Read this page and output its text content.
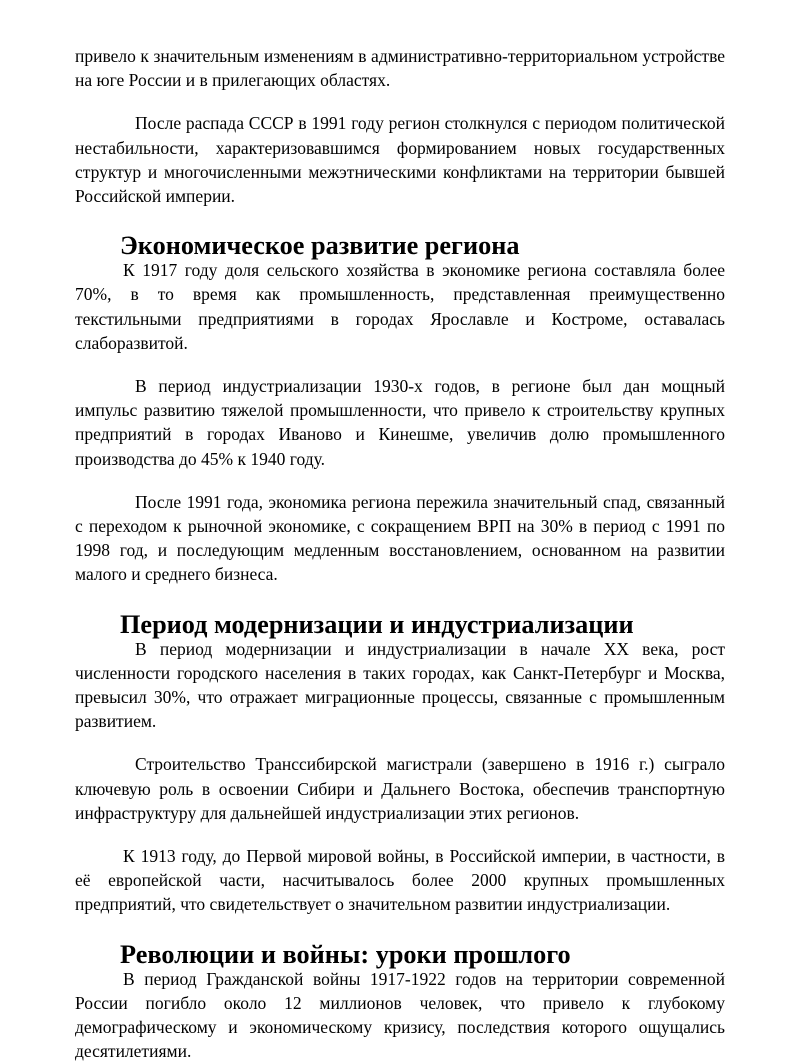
привело к значительным изменениям в административно-территориальном устройстве на юге России и в прилегающих областях.

После распада СССР в 1991 году регион столкнулся с периодом политической нестабильности, характеризовавшимся формированием новых государственных структур и многочисленными межэтническими конфликтами на территории бывшей Российской империи.

Экономическое развитие региона

К 1917 году доля сельского хозяйства в экономике региона составляла более 70%, в то время как промышленность, представленная преимущественно текстильными предприятиями в городах Ярославле и Костроме, оставалась слаборазвитой.

В период индустриализации 1930-х годов, в регионе был дан мощный импульс развитию тяжелой промышленности, что привело к строительству крупных предприятий в городах Иваново и Кинешме, увеличив долю промышленного производства до 45% к 1940 году.

После 1991 года, экономика региона пережила значительный спад, связанный с переходом к рыночной экономике, с сокращением ВРП на 30% в период с 1991 по 1998 год, и последующим медленным восстановлением, основанном на развитии малого и среднего бизнеса.

Период модернизации и индустриализации

В период модернизации и индустриализации в начале XX века, рост численности городского населения в таких городах, как Санкт-Петербург и Москва, превысил 30%, что отражает миграционные процессы, связанные с промышленным развитием.

Строительство Транссибирской магистрали (завершено в 1916 г.) сыграло ключевую роль в освоении Сибири и Дальнего Востока, обеспечив транспортную инфраструктуру для дальнейшей индустриализации этих регионов.

К 1913 году, до Первой мировой войны, в Российской империи, в частности, в её европейской части, насчитывалось более 2000 крупных промышленных предприятий, что свидетельствует о значительном развитии индустриализации.

Революции и войны: уроки прошлого

В период Гражданской войны 1917-1922 годов на территории современной России погибло около 12 миллионов человек, что привело к глубокому демографическому и экономическому кризису, последствия которого ощущались десятилетиями.
